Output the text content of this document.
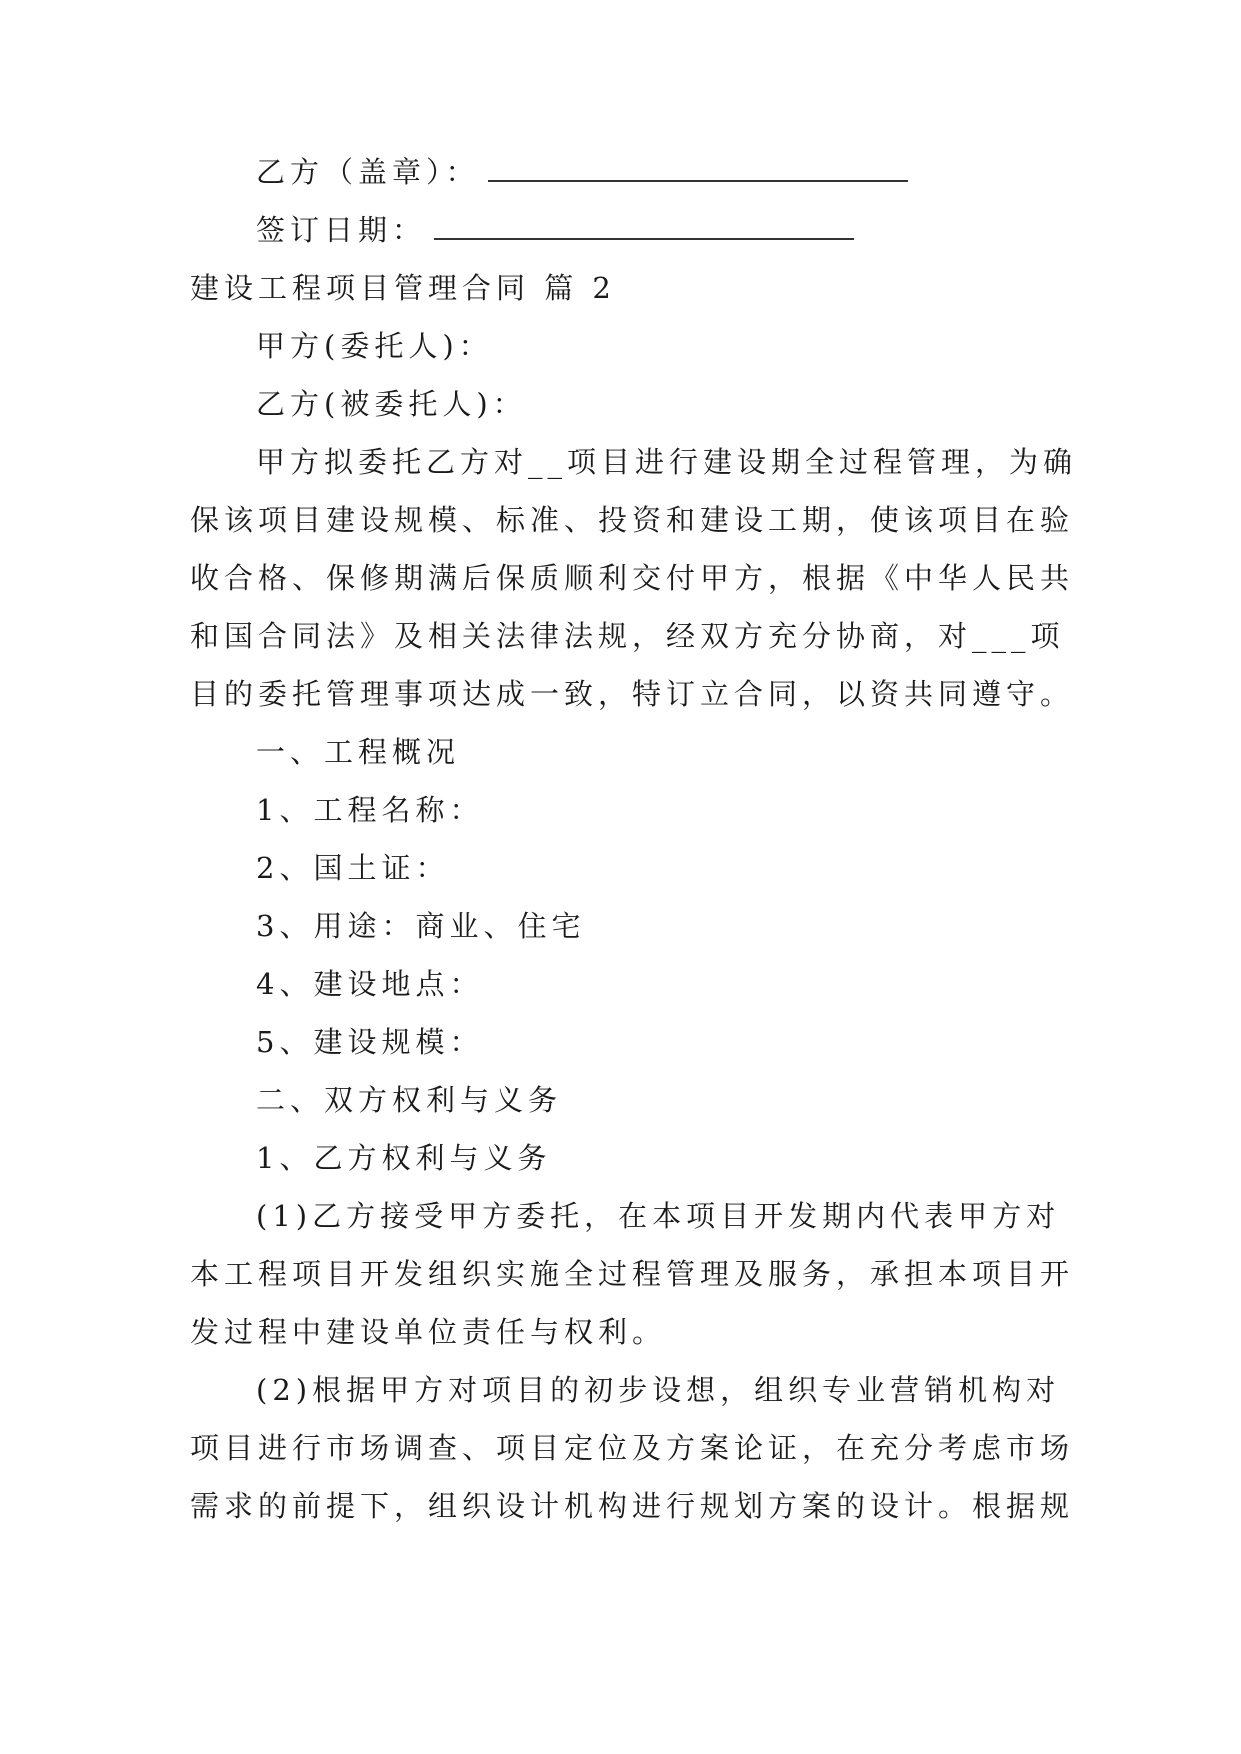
乙方（盖章）：
签订日期：
建设工程项目管理合同 篇 2
甲方(委托人)：
乙方(被委托人)：
甲方拟委托乙方对__项目进行建设期全过程管理，为确
保该项目建设规模、标准、投资和建设工期，使该项目在验
收合格、保修期满后保质顺利交付甲方，根据《中华人民共
和国合同法》及相关法律法规，经双方充分协商，对___项
目的委托管理事项达成一致，特订立合同，以资共同遵守。
一、工程概况
1、工程名称：
2、国土证：
3、用途：商业、住宅
4、建设地点：
5、建设规模：
二、双方权利与义务
1、乙方权利与义务
(1)乙方接受甲方委托，在本项目开发期内代表甲方对
本工程项目开发组织实施全过程管理及服务，承担本项目开
发过程中建设单位责任与权利。
(2)根据甲方对项目的初步设想，组织专业营销机构对
项目进行市场调查、项目定位及方案论证，在充分考虑市场
需求的前提下，组织设计机构进行规划方案的设计。根据规
